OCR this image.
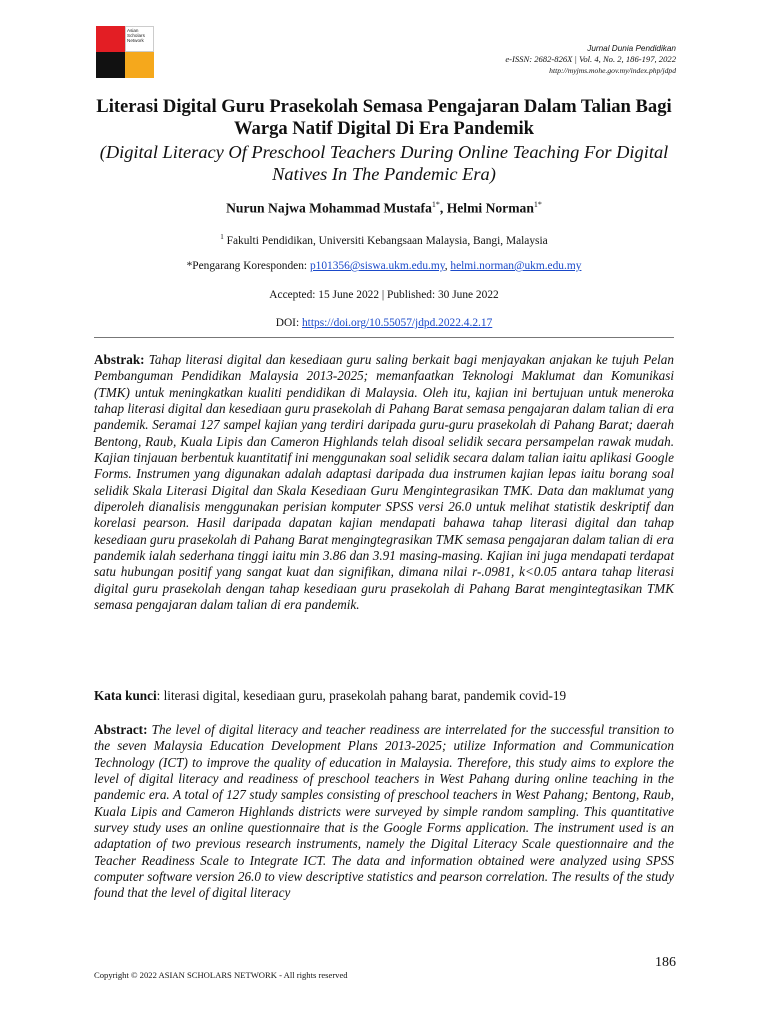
Asian
Scholars
Network
Jurnal Dunia Pendidikan
e-ISSN: 2682-826X | Vol. 4, No. 2, 186-197, 2022
http://myjms.mohe.gov.my/index.php/jdpd
Literasi Digital Guru Prasekolah Semasa Pengajaran Dalam Talian Bagi Warga Natif Digital Di Era Pandemik
(Digital Literacy Of Preschool Teachers During Online Teaching For Digital Natives In The Pandemic Era)
Nurun Najwa Mohammad Mustafa$^{1*}$, Helmi Norman$^{1*}$
$^1$ Fakulti Pendidikan, Universiti Kebangsaan Malaysia, Bangi, Malaysia
*Pengarang Koresponden: p101356@siswa.ukm.edu.my, helmi.norman@ukm.edu.my
Accepted: 15 June 2022 | Published: 30 June 2022
DOI: https://doi.org/10.55057/jdpd.2022.4.2.17
Abstrak: Tahap literasi digital dan kesediaan guru saling berkait bagi menjayakan anjakan ke tujuh Pelan Pembanguman Pendidikan Malaysia 2013-2025; memanfaatkan Teknologi Maklumat dan Komunikasi (TMK) untuk meningkatkan kualiti pendidikan di Malaysia. Oleh itu, kajian ini bertujuan untuk meneroka tahap literasi digital dan kesediaan guru prasekolah di Pahang Barat semasa pengajaran dalam talian di era pandemik. Seramai 127 sampel kajian yang terdiri daripada guru-guru prasekolah di Pahang Barat; daerah Bentong, Raub, Kuala Lipis dan Cameron Highlands telah disoal selidik secara persampelan rawak mudah. Kajian tinjauan berbentuk kuantitatif ini menggunakan soal selidik secara dalam talian iaitu aplikasi Google Forms. Instrumen yang digunakan adalah adaptasi daripada dua instrumen kajian lepas iaitu borang soal selidik Skala Literasi Digital dan Skala Kesediaan Guru Mengintegrasikan TMK. Data dan maklumat yang diperoleh dianalisis menggunakan perisian komputer SPSS versi 26.0 untuk melihat statistik deskriptif dan korelasi pearson. Hasil daripada dapatan kajian mendapati bahawa tahap literasi digital dan tahap kesediaan guru prasekolah di Pahang Barat mengingtegrasikan TMK semasa pengajaran dalam talian di era pandemik ialah sederhana tinggi iaitu min 3.86 dan 3.91 masing-masing. Kajian ini juga mendapati terdapat satu hubungan positif yang sangat kuat dan signifikan, dimana nilai r-.0981, k<0.05 antara tahap literasi digital guru prasekolah dengan tahap kesediaan guru prasekolah di Pahang Barat mengintegtasikan TMK semasa pengajaran dalam talian di era pandemik.
Kata kunci: literasi digital, kesediaan guru, prasekolah pahang barat, pandemik covid-19
Abstract: The level of digital literacy and teacher readiness are interrelated for the successful transition to the seven Malaysia Education Development Plans 2013-2025; utilize Information and Communication Technology (ICT) to improve the quality of education in Malaysia. Therefore, this study aims to explore the level of digital literacy and readiness of preschool teachers in West Pahang during online teaching in the pandemic era. A total of 127 study samples consisting of preschool teachers in West Pahang; Bentong, Raub, Kuala Lipis and Cameron Highlands districts were surveyed by simple random sampling. This quantitative survey study uses an online questionnaire that is the Google Forms application. The instrument used is an adaptation of two previous research instruments, namely the Digital Literacy Scale questionnaire and the Teacher Readiness Scale to Integrate ICT. The data and information obtained were analyzed using SPSS computer software version 26.0 to view descriptive statistics and pearson correlation. The results of the study found that the level of digital literacy
186
Copyright © 2022 ASIAN SCHOLARS NETWORK - All rights reserved
